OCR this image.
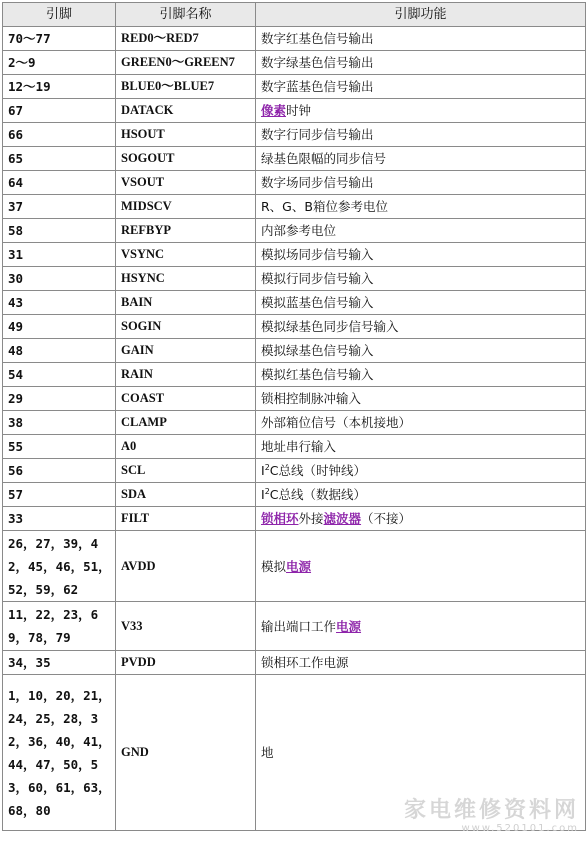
引脚	引脚名称	引脚功能
70～77	RED0～RED7	数字红基色信号输出
2～9	GREEN0～GREEN7	数字绿基色信号输出
12～19	BLUE0～BLUE7	数字蓝基色信号输出
67	DATACK	像素时钟
66	HSOUT	数字行同步信号输出
65	SOGOUT	绿基色限幅的同步信号
64	VSOUT	数字场同步信号输出
37	MIDSCV	R、G、B箱位参考电位
58	REFBYP	内部参考电位
31	VSYNC	模拟场同步信号输入
30	HSYNC	模拟行同步信号输入
43	BAIN	模拟蓝基色信号输入
49	SOGIN	模拟绿基色同步信号输入
48	GAIN	模拟绿基色信号输入
54	RAIN	模拟红基色信号输入
29	COAST	锁相控制脉冲输入
38	CLAMP	外部箱位信号（本机接地）
55	A0	地址串行输入
56	SCL	$I^2C$总线（时钟线）
57	SDA	$I^2C$总线（数据线）
33	FILT	锁相环外接滤波器（不接）
26，27，39，42，45，46，51，52，59，62	AVDD	模拟电源
11，22，23，69，78，79	V33	输出端口工作电源
34，35	PVDD	锁相环工作电源
1，10，20，21，24，25，28，32，36，40，41，44，47，50，53，60，61，63，68，80	GND	地
家电维修资料网
www.520101.com
